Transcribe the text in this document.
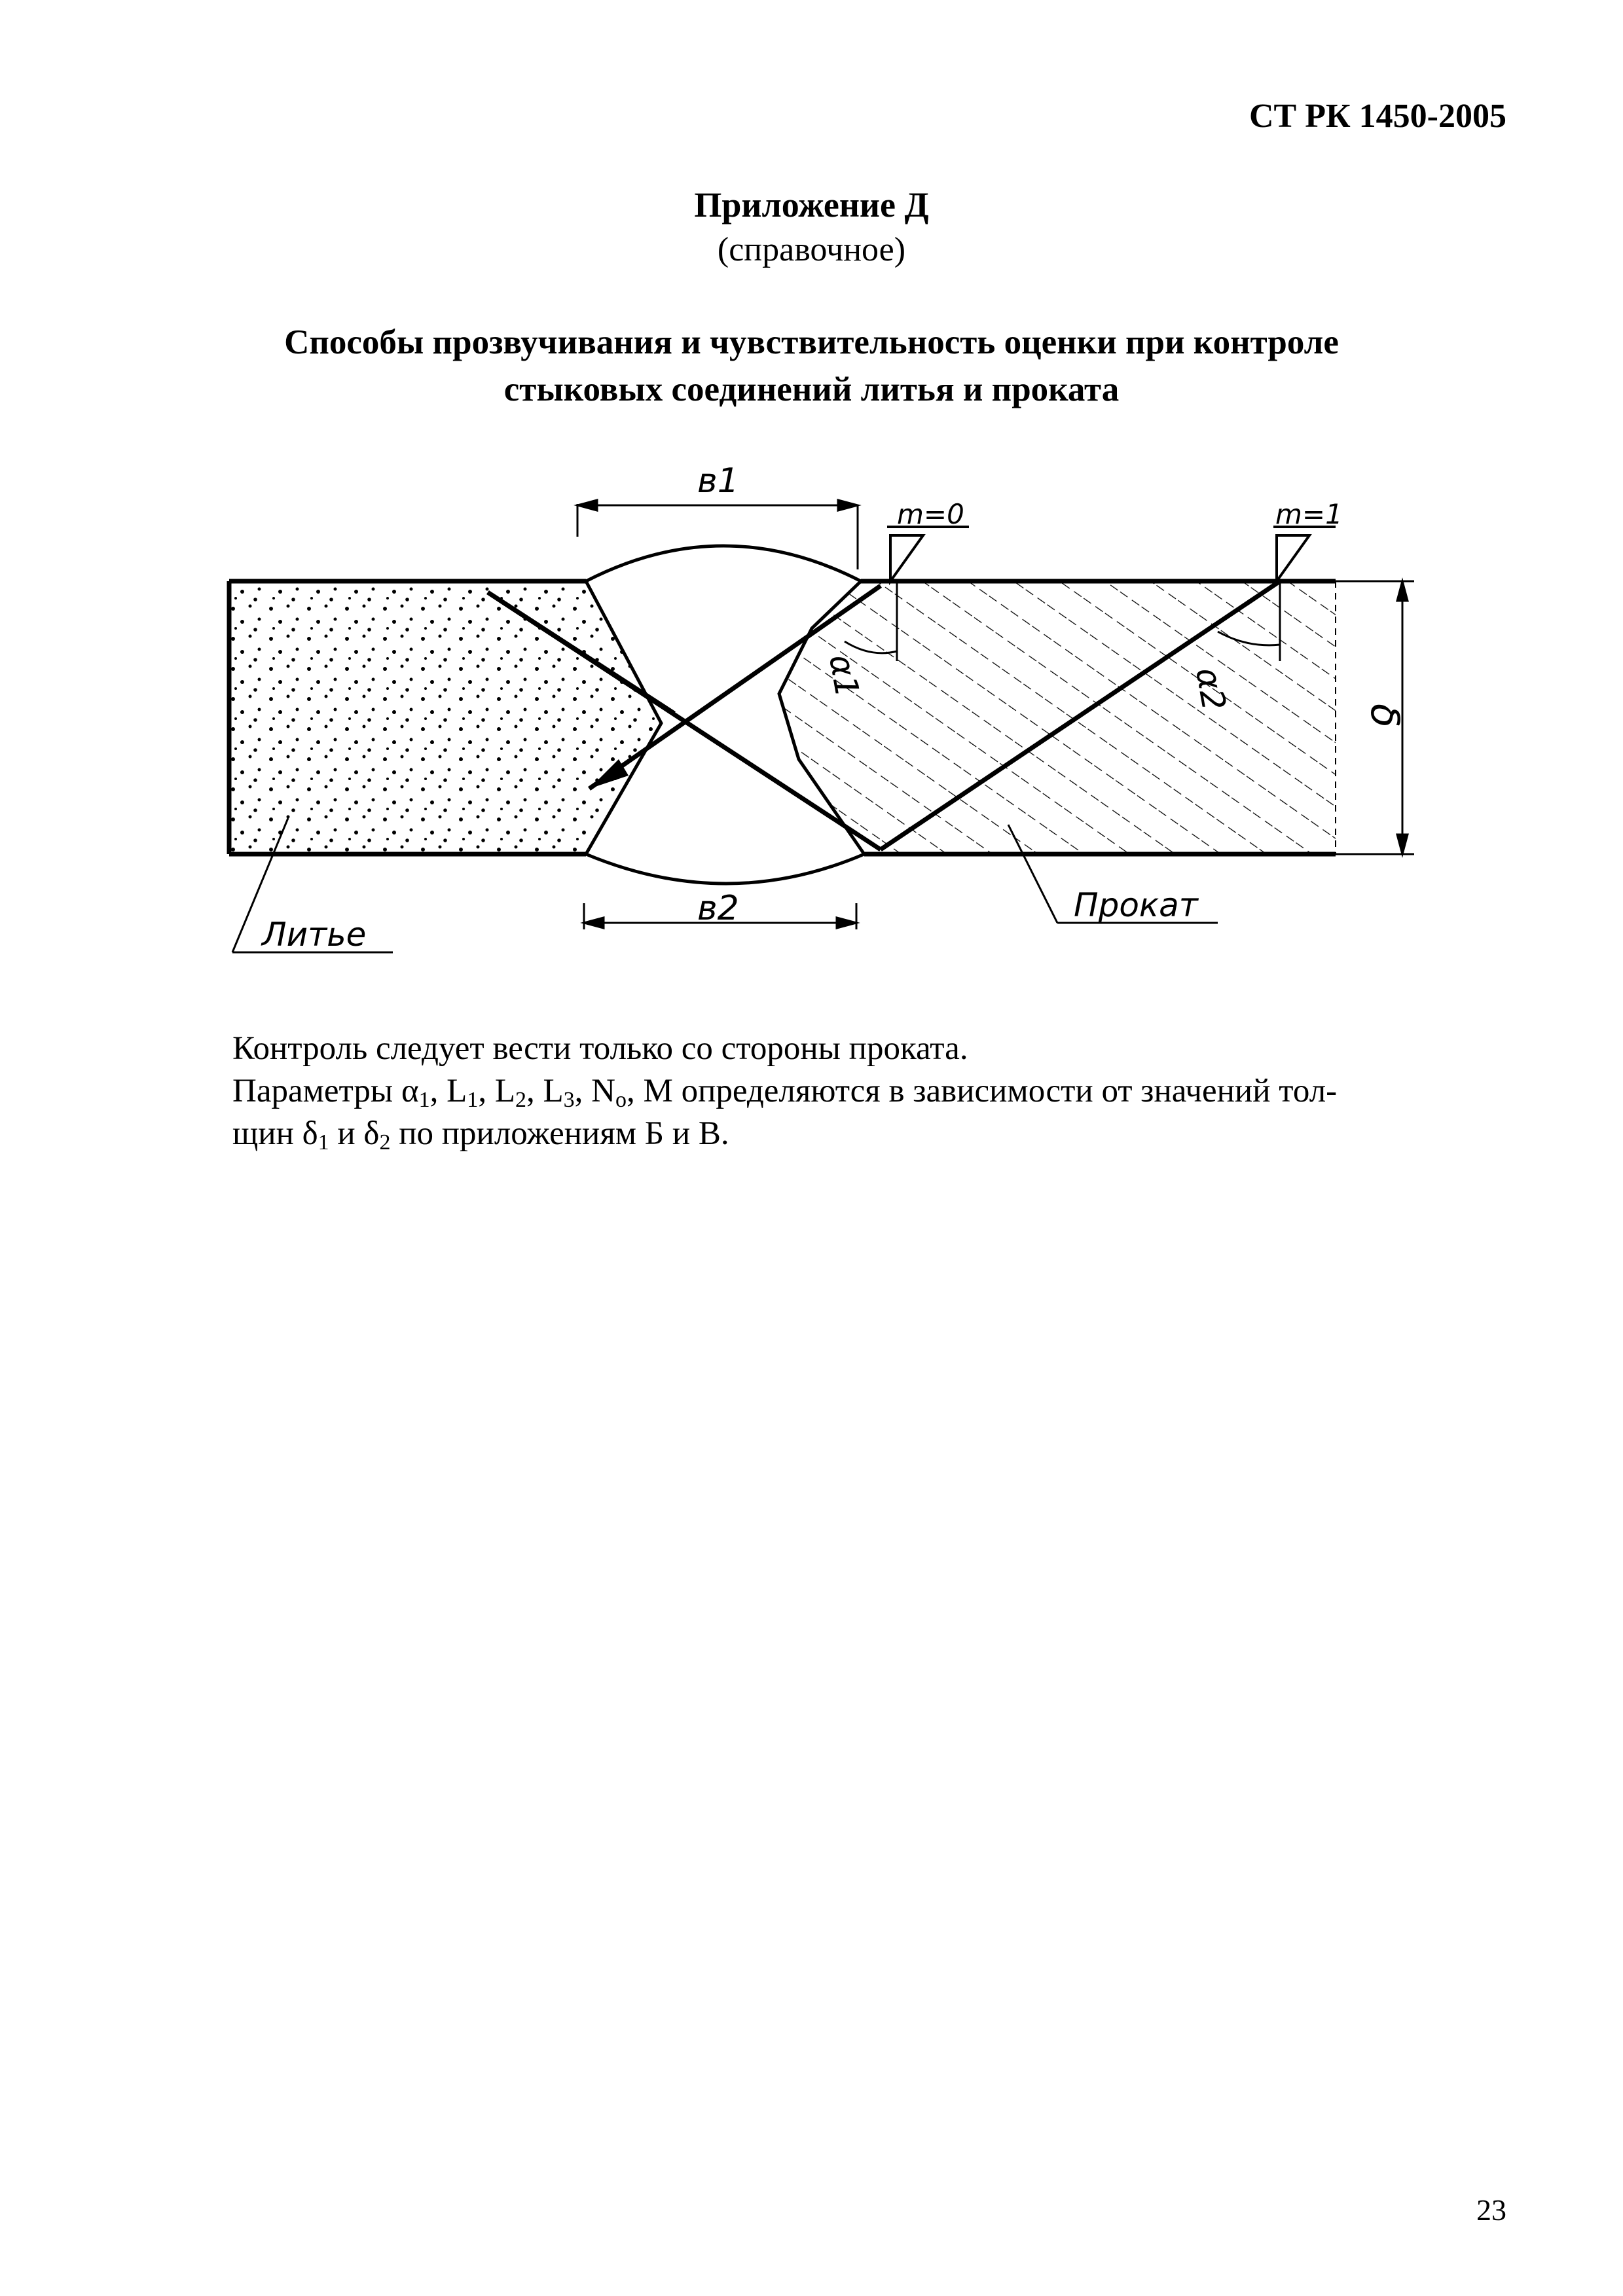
СТ РК 1450-2005
Приложение Д
(справочное)
Способы прозвучивания и чувствительность оценки при контроле
стыковых соединений литья и проката
в1
в2
m=0	m=1
α1	α2
δ
Литье
Прокат
Контроль следует вести только со стороны проката.
Параметры $\alpha_1$, $L_1$, $L_2$, $L_3$, $N_o$, M определяются в зависимости от значений тол-
щин $\delta_1$ и $\delta_2$ по приложениям Б и В.
23
